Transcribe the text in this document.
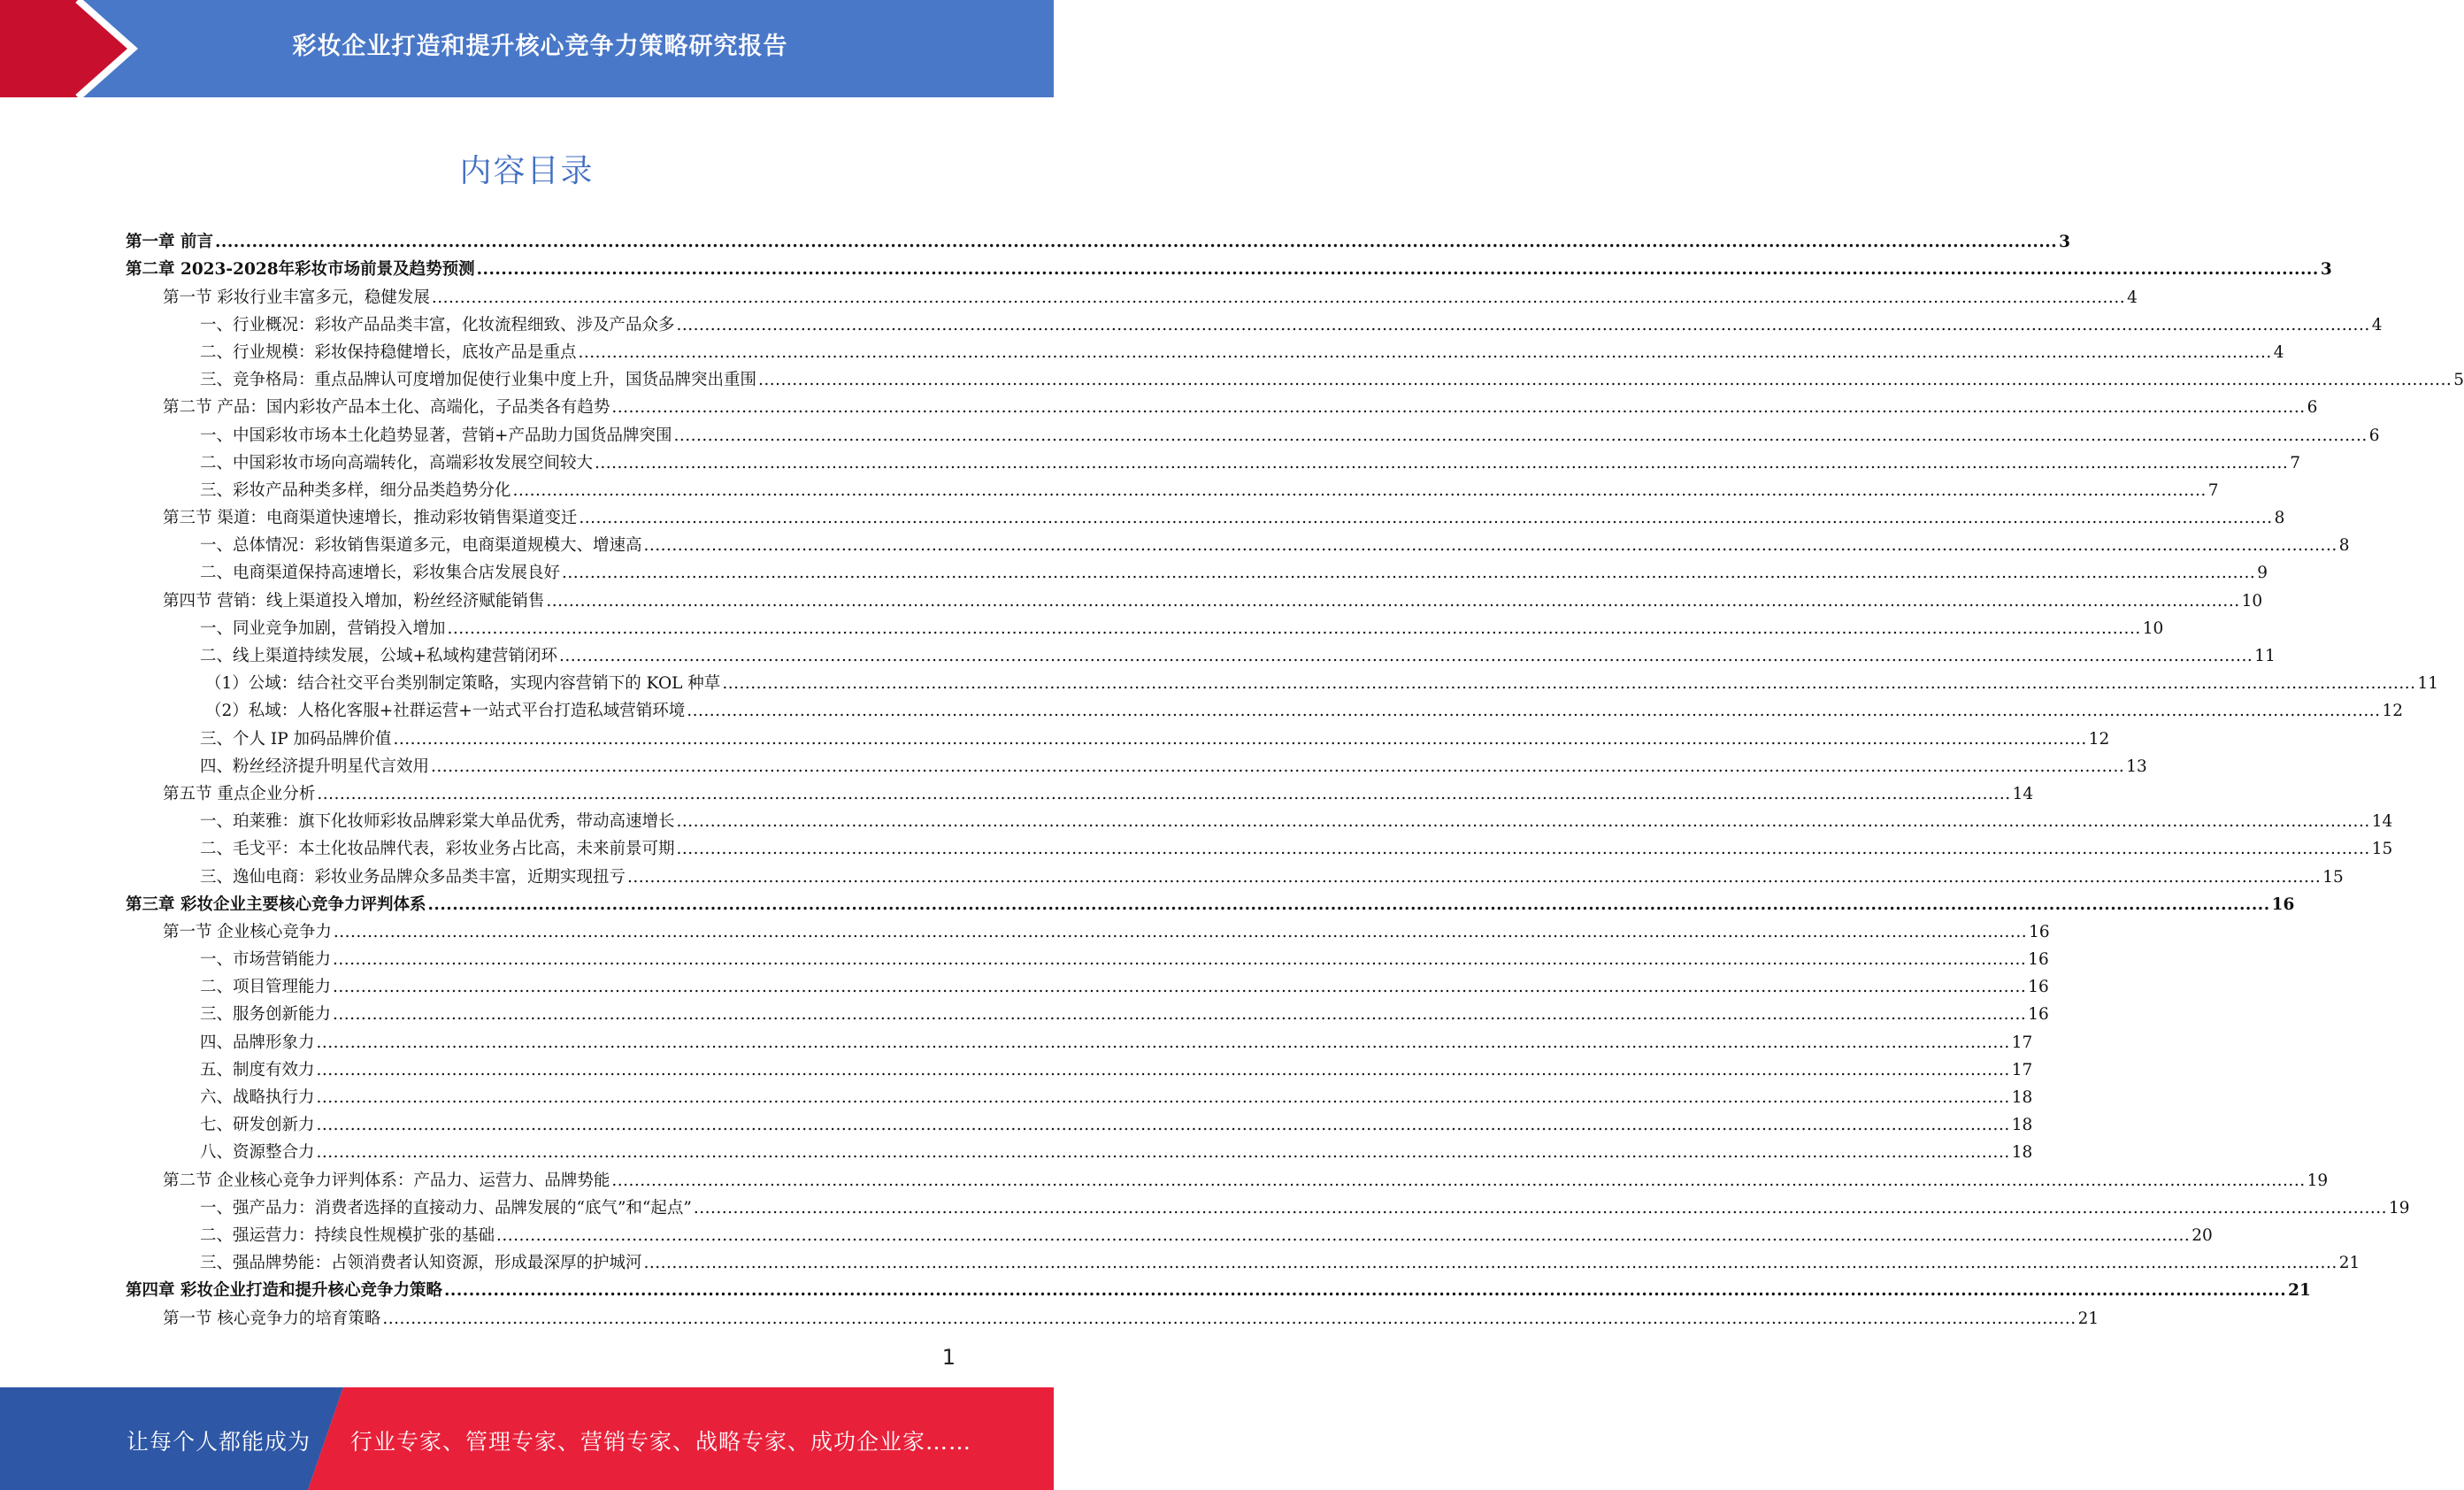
彩妆企业打造和提升核心竞争力策略研究报告
内容目录
第一章 前言 ............................................................................................................................................................................................................................................................................................................ 3
第二章 2023-2028年彩妆市场前景及趋势预测 ............................................................................................................................................................................................................................................................................................................ 3
第一节 彩妆行业丰富多元，稳健发展 ............................................................................................................................................................................................................................................................................................................ 4
一、行业概况：彩妆产品品类丰富，化妆流程细致、涉及产品众多 ............................................................................................................................................................................................................................................................................................................ 4
二、行业规模：彩妆保持稳健增长，底妆产品是重点 ............................................................................................................................................................................................................................................................................................................ 4
三、竞争格局：重点品牌认可度增加促使行业集中度上升，国货品牌突出重围 ............................................................................................................................................................................................................................................................................................................ 5
第二节 产品：国内彩妆产品本土化、高端化，子品类各有趋势 ............................................................................................................................................................................................................................................................................................................ 6
一、中国彩妆市场本土化趋势显著，营销+产品助力国货品牌突围 ............................................................................................................................................................................................................................................................................................................ 6
二、中国彩妆市场向高端转化，高端彩妆发展空间较大 ............................................................................................................................................................................................................................................................................................................ 7
三、彩妆产品种类多样，细分品类趋势分化 ............................................................................................................................................................................................................................................................................................................ 7
第三节 渠道：电商渠道快速增长，推动彩妆销售渠道变迁 ............................................................................................................................................................................................................................................................................................................ 8
一、总体情况：彩妆销售渠道多元，电商渠道规模大、增速高 ............................................................................................................................................................................................................................................................................................................ 8
二、电商渠道保持高速增长，彩妆集合店发展良好 ............................................................................................................................................................................................................................................................................................................ 9
第四节 营销：线上渠道投入增加，粉丝经济赋能销售 ............................................................................................................................................................................................................................................................................................................ 10
一、同业竞争加剧，营销投入增加 ............................................................................................................................................................................................................................................................................................................ 10
二、线上渠道持续发展，公域+私域构建营销闭环 ............................................................................................................................................................................................................................................................................................................ 11
（1）公域：结合社交平台类别制定策略，实现内容营销下的 KOL 种草 ............................................................................................................................................................................................................................................................................................................ 11
（2）私域：人格化客服+社群运营+一站式平台打造私域营销环境 ............................................................................................................................................................................................................................................................................................................ 12
三、个人 IP 加码品牌价值 ............................................................................................................................................................................................................................................................................................................ 12
四、粉丝经济提升明星代言效用 ............................................................................................................................................................................................................................................................................................................ 13
第五节 重点企业分析 ............................................................................................................................................................................................................................................................................................................ 14
一、珀莱雅：旗下化妆师彩妆品牌彩棠大单品优秀，带动高速增长 ............................................................................................................................................................................................................................................................................................................ 14
二、毛戈平：本土化妆品牌代表，彩妆业务占比高，未来前景可期 ............................................................................................................................................................................................................................................................................................................ 15
三、逸仙电商：彩妆业务品牌众多品类丰富，近期实现扭亏 ............................................................................................................................................................................................................................................................................................................ 15
第三章 彩妆企业主要核心竞争力评判体系 ............................................................................................................................................................................................................................................................................................................ 16
第一节 企业核心竞争力 ............................................................................................................................................................................................................................................................................................................ 16
一、市场营销能力 ............................................................................................................................................................................................................................................................................................................ 16
二、项目管理能力 ............................................................................................................................................................................................................................................................................................................ 16
三、服务创新能力 ............................................................................................................................................................................................................................................................................................................ 16
四、品牌形象力 ............................................................................................................................................................................................................................................................................................................ 17
五、制度有效力 ............................................................................................................................................................................................................................................................................................................ 17
六、战略执行力 ............................................................................................................................................................................................................................................................................................................ 18
七、研发创新力 ............................................................................................................................................................................................................................................................................................................ 18
八、资源整合力 ............................................................................................................................................................................................................................................................................................................ 18
第二节 企业核心竞争力评判体系：产品力、运营力、品牌势能 ............................................................................................................................................................................................................................................................................................................ 19
一、强产品力：消费者选择的直接动力、品牌发展的“底气”和“起点” ............................................................................................................................................................................................................................................................................................................ 19
二、强运营力：持续良性规模扩张的基础 ............................................................................................................................................................................................................................................................................................................ 20
三、强品牌势能：占领消费者认知资源，形成最深厚的护城河 ............................................................................................................................................................................................................................................................................................................ 21
第四章 彩妆企业打造和提升核心竞争力策略 ............................................................................................................................................................................................................................................................................................................ 21
第一节 核心竞争力的培育策略 ............................................................................................................................................................................................................................................................................................................ 21
1
让每个人都能成为 行业专家、管理专家、营销专家、战略专家、成功企业家……
